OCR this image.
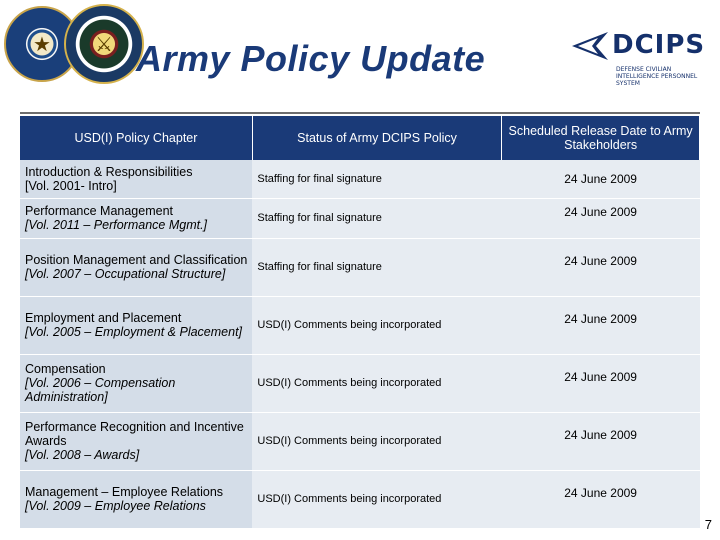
★ ⚔ Army Policy Update	DCIPS
DEFENSE CIVILIAN INTELLIGENCE PERSONNEL SYSTEM
USD(I) Policy Chapter	Status of Army DCIPS Policy	Scheduled Release Date to Army Stakeholders

Introduction & Responsibilities
[Vol. 2001- Intro]	Staffing for final signature	24 June 2009

Performance Management
[Vol. 2011 – Performance Mgmt.]	Staffing for final signature	24 June 2009

Position Management and Classification
[Vol. 2007 – Occupational Structure]	Staffing for final signature	24 June 2009

Employment and Placement
[Vol. 2005 – Employment & Placement]	USD(I) Comments being incorporated	24 June 2009

Compensation
[Vol. 2006 – Compensation Administration]	USD(I) Comments being incorporated	24 June 2009

Performance Recognition and Incentive Awards
[Vol. 2008 – Awards]	USD(I) Comments being incorporated	24 June 2009

Management – Employee Relations
[Vol. 2009 – Employee Relations	USD(I) Comments being incorporated	24 June 2009
7
